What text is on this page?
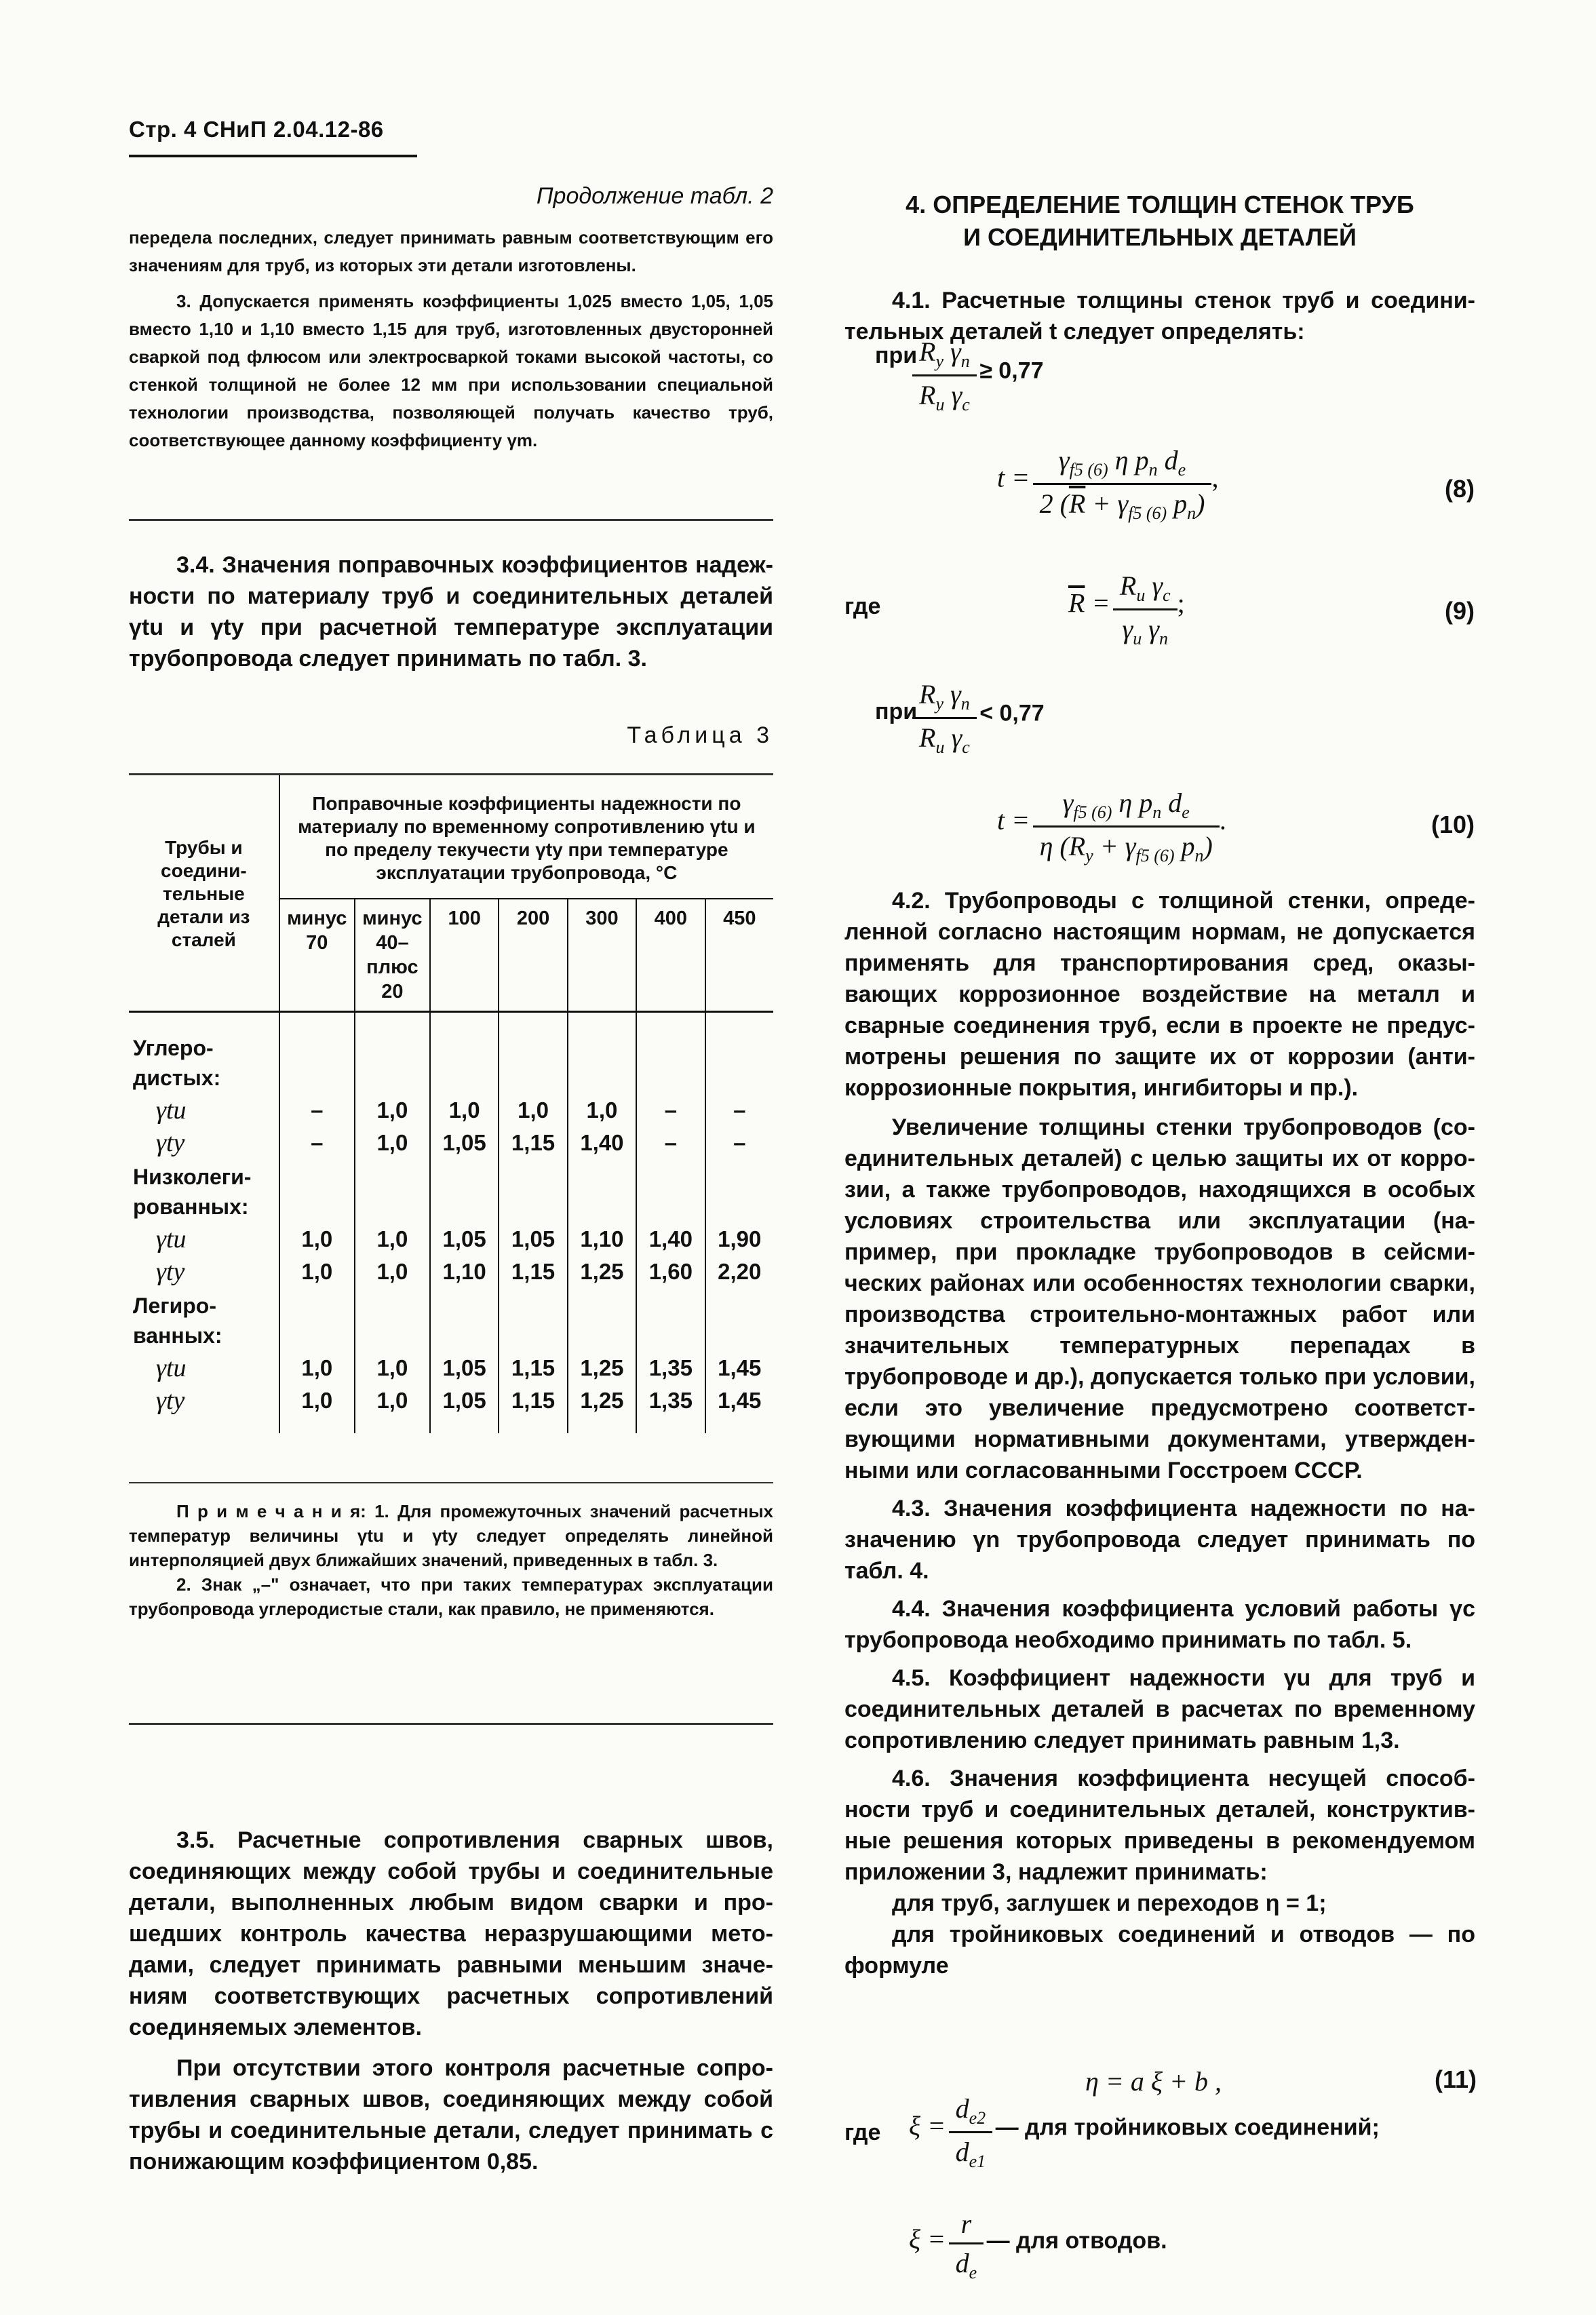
Стр. 4 СНиП 2.04.12-86
Продолжение табл. 2

передела последних, следует принимать равным соответствующим его значениям для труб, из которых эти детали изготовлены.

3. Допускается применять коэффициенты 1,025 вместо 1,05, 1,05 вместо 1,10 и 1,10 вместо 1,15 для труб, изготовленных двусторонней сваркой под флюсом или электросваркой токами высокой частоты, со стенкой толщиной не более 12 мм при использовании специальной технологии производства, позволяющей получать качество труб, соответствующее данному коэффициенту γm.

3.4. Значения поправочных коэффициентов надежности по материалу труб и соединительных деталей γtu и γty при расчетной температуре эксплуатации трубопровода следует принимать по табл. 3.
Таблица 3
Трубы и соединительные детали из сталей	Поправочные коэффициенты надежности по материалу по временному сопротивлению γtu и по пределу текучести γty при температуре эксплуатации трубопровода, °С						
	минус 70	минус 40– плюс 20	100	200	300	400	450
Углеродистых:							
γtu	–	1,0	1,0	1,0	1,0	–	–
γty	–	1,0	1,05	1,15	1,40	–	–
Низколегированных:							
γtu	1,0	1,0	1,05	1,05	1,10	1,40	1,90
γty	1,0	1,0	1,10	1,15	1,25	1,60	2,20
Легированных:							
γtu	1,0	1,0	1,05	1,15	1,25	1,35	1,45
γty	1,0	1,0	1,05	1,15	1,25	1,35	1,45

П р и м е ч а н и я: 1. Для промежуточных значений расчетных температур величины γtu и γty следует определять линейной интерполяцией двух ближайших значений, приведенных в табл. 3.

2. Знак „–" означает, что при таких температурах эксплуатации трубопровода углеродистые стали, как правило, не применяются.

3.5. Расчетные сопротивления сварных швов, соединяющих между собой трубы и соединительные детали, выполненных любым видом сварки и прошедших контроль качества неразрушающими методами, следует принимать равными меньшим значениям соответствующих расчетных сопротивлений соединяемых элементов.

При отсутствии этого контроля расчетные сопротивления сварных швов, соединяющих между собой трубы и соединительные детали, следует принимать с понижающим коэффициентом 0,85.

4. ОПРЕДЕЛЕНИЕ ТОЛЩИН СТЕНОК ТРУБ
И СОЕДИНИТЕЛЬНЫХ ДЕТАЛЕЙ
4.1. Расчетные толщины стенок труб и соединительных деталей t следует определять:
при
$\frac{R_y \gamma_n}{R_u \gamma_c} \ge 0,77$
$t = \frac{\gamma_{f5 (6)} \eta p_n d_e}{2 (\overline{R} + \gamma_{f5 (6)} p_n)}$ ,	(8)
где	$\overline{R} = \frac{R_u \gamma_c}{\gamma_u \gamma_n}$ ;	(9)
при
$\frac{R_y \gamma_n}{R_u \gamma_c} < 0,77$
$t = \frac{\gamma_{f5 (6)} \eta p_n d_e}{\eta (R_y + \gamma_{f5 (6)} p_n)}$ .	(10)

4.2. Трубопроводы с толщиной стенки, определенной согласно настоящим нормам, не допускается применять для транспортирования сред, оказывающих коррозионное воздействие на металл и сварные соединения труб, если в проекте не предусмотрены решения по защите их от коррозии (антикоррозионные покрытия, ингибиторы и пр.).

Увеличение толщины стенки трубопроводов (соединительных деталей) с целью защиты их от коррозии, а также трубопроводов, находящихся в особых условиях строительства или эксплуатации (например, при прокладке трубопроводов в сейсмических районах или особенностях технологии сварки, производства строительно-монтажных работ или значительных температурных перепадах в трубопроводе и др.), допускается только при условии, если это увеличение предусмотрено соответствующими нормативными документами, утвержденными или согласованными Госстроем СССР.

4.3. Значения коэффициента надежности по назначению γn трубопровода следует принимать по табл. 4.

4.4. Значения коэффициента условий работы γc трубопровода необходимо принимать по табл. 5.

4.5. Коэффициент надежности γu для труб и соединительных деталей в расчетах по временному сопротивлению следует принимать равным 1,3.

4.6. Значения коэффициента несущей способности труб и соединительных деталей, конструктивные решения которых приведены в рекомендуемом приложении 3, надлежит принимать:

для труб, заглушек и переходов η = 1;

для тройниковых соединений и отводов — по формуле

η = a ξ + b ,	(11)
где $\xi = \frac{d_{e2}}{d_{e1}}$ — для тройниковых соединений;
$\xi = \frac{r}{d_e}$ — для отводов.
